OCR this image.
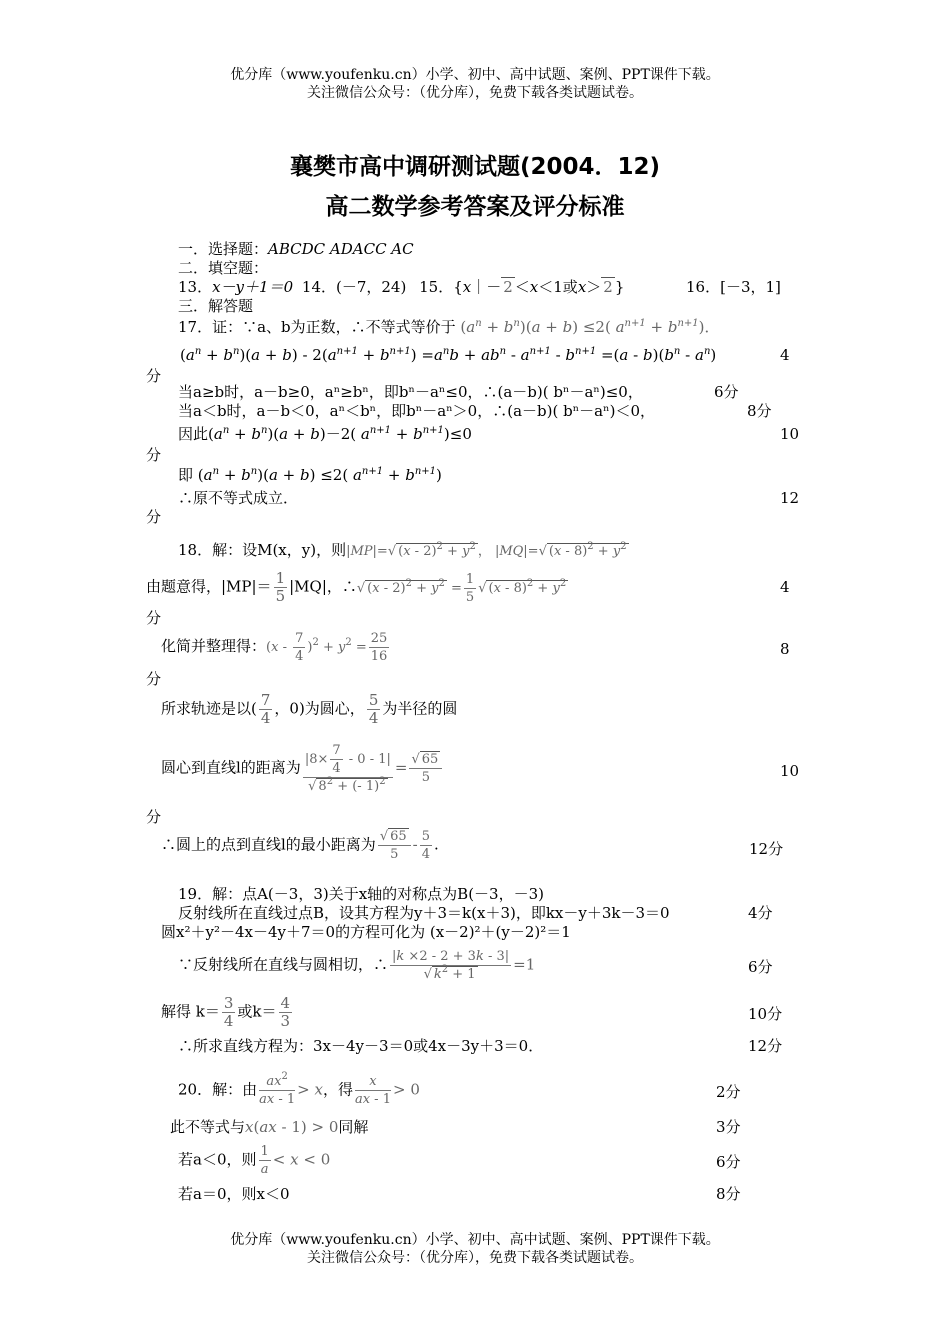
优分库（www.youfenku.cn）小学、初中、高中试题、案例、PPT课件下载。
关注微信公众号：（优分库），免费下载各类试题试卷。
襄樊市高中调研测试题(2004．12)
高二数学参考答案及评分标准
一．选择题：ABCDC ADACC AC
二．填空题：
13．x－y＋1＝0 14．(－7，24) 15．{x｜－ 2 ＜x＜1或x＞ 2 }	16．[－3，1]
三．解答题
17．证：∵a、b为正数，∴不等式等价于 $(a^n + b^n)(a + b) \le 2$( $a^{n+1} + b^{n+1}$)．
$(a^n + b^n)(a + b) - 2(a^{n+1} + b^{n+1}) =a^nb + ab^n - a^{n+1} - b^{n+1} =(a - b)(b^n - a^n)$	4
分
当a≥b时，a－b≥0，aⁿ≥bⁿ，即bⁿ－aⁿ≤0，∴(a－b)( bⁿ－aⁿ)≤0，	6分
当a＜b时，a－b＜0，aⁿ＜bⁿ，即bⁿ－aⁿ＞0，∴(a－b)( bⁿ－aⁿ)＜0，	8分
因此$(a^n + b^n)(a + b)-2$( $a^{n+1} + b^{n+1})\le 0$	10
分
即 $(a^n + b^n)(a + b) \le 2$( $a^{n+1} + b^{n+1}$)
∴原不等式成立．	12
分
18．解：设M(x，y)，则|MP|=√ $(x - 2)^2 + y^2$ ， |MQ|=√ $(x - 8)^2 + y^2$
由题意得，$|MP|= \frac{1}{5} |MQ|$，∴√ $(x - 2)^2 + y^2 = \frac{1}{5}$ √ $(x - 8)^2 + y^2$	4
分
化简并整理得：$(x - \frac{7}{4} )^2 + y^2 = \frac{25}{16}$	8
分
所求轨迹是以( $\frac{7}{4}$ ，0)为圆心， $\frac{5}{4}$ 为半径的圆
圆心到直线l的距离为 $\frac{|8\times \frac{7}{4} - 0 - 1|}{√ 8^2 + (- 1)^2} = \frac{√ 65}{5}$	10
分
∴圆上的点到直线l的最小距离为 $\frac{√ 65}{5} - \frac{5}{4}$ .	12分
19．解：点A(－3，3)关于x轴的对称点为B(－3，－3)
反射线所在直线过点B，设其方程为y＋3＝k(x＋3)，即kx－y＋3k－3＝0	4分
圆x²＋y²－4x－4y＋7＝0的方程可化为 (x－2)²＋(y－2)²＝1
∵反射线所在直线与圆相切，∴ $\frac{|k \times 2 - 2 + 3k - 3|}{√ k^2 + 1} =1$	6分
解得 $k= \frac{3}{4}$ 或$k= \frac{4}{3}$	10分
∴所求直线方程为：3x－4y－3＝0或4x－3y＋3＝0．	12分
20．解：由 $\frac{ax^2}{ax - 1} > x$，得 $\frac{x}{ax - 1} > 0$	2分
此不等式与x(ax - 1) > 0同解	3分
若a＜0，则 $\frac{1}{a} < x < 0$	6分
若a＝0，则x＜0	8分
优分库（www.youfenku.cn）小学、初中、高中试题、案例、PPT课件下载。
关注微信公众号：（优分库），免费下载各类试题试卷。
